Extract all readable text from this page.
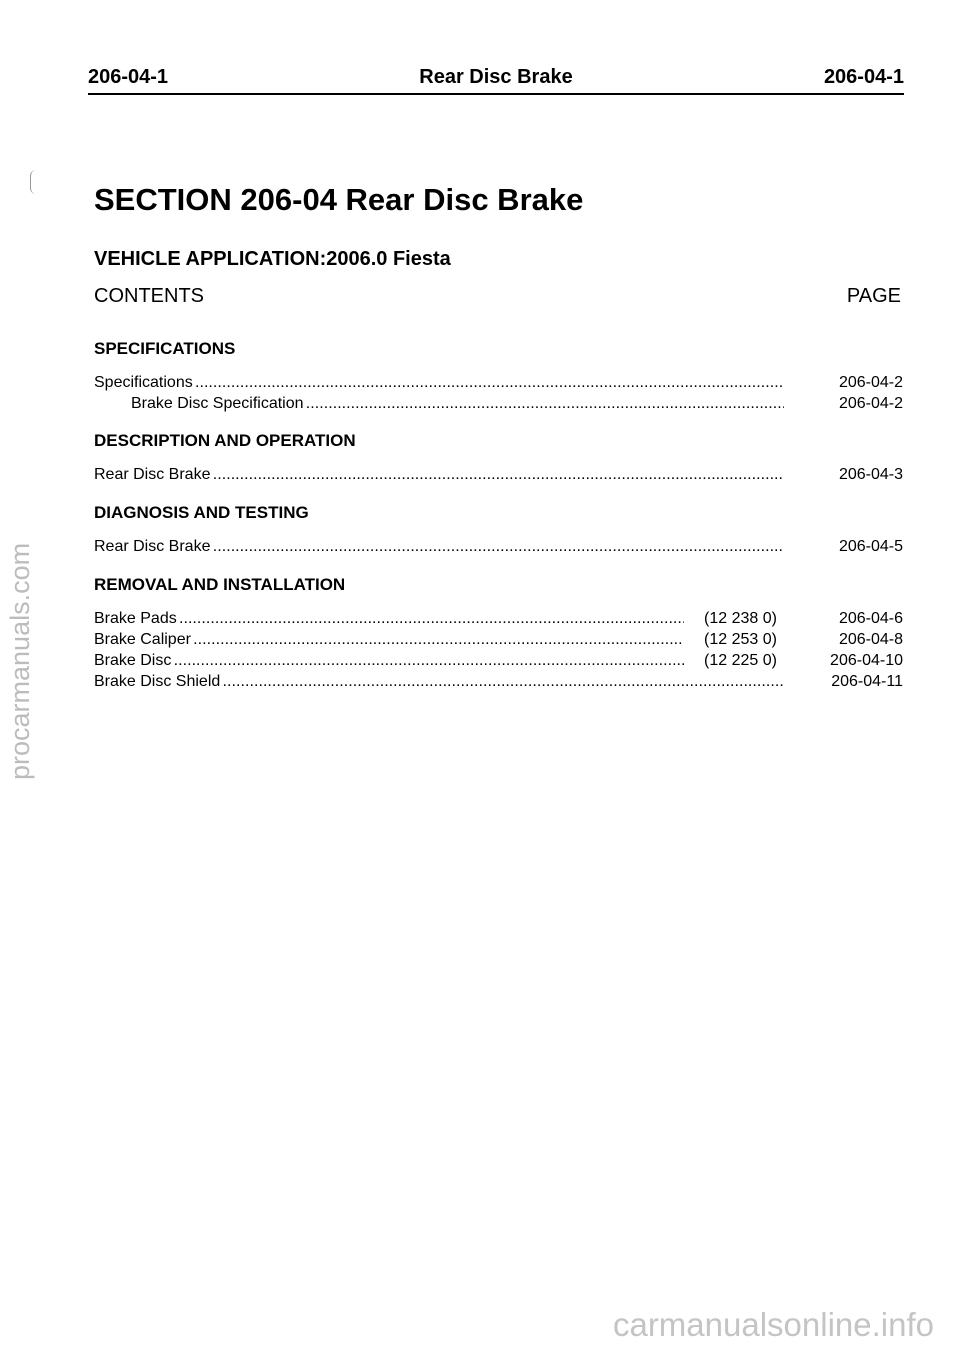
206-04-1	Rear Disc Brake	206-04-1
SECTION 206-04 Rear Disc Brake
VEHICLE APPLICATION:2006.0 Fiesta
CONTENTS	PAGE
SPECIFICATIONS
Specifications . . .	206-04-2
Brake Disc Specification . . .	206-04-2
DESCRIPTION AND OPERATION
Rear Disc Brake . . .	206-04-3
DIAGNOSIS AND TESTING
Rear Disc Brake . . .	206-04-5
REMOVAL AND INSTALLATION
Brake Pads . . .	(12 238 0)	206-04-6
Brake Caliper . . .	(12 253 0)	206-04-8
Brake Disc . . .	(12 225 0)	206-04-10
Brake Disc Shield . . .	206-04-11
procarmanuals.com
carmanualsonline.info
